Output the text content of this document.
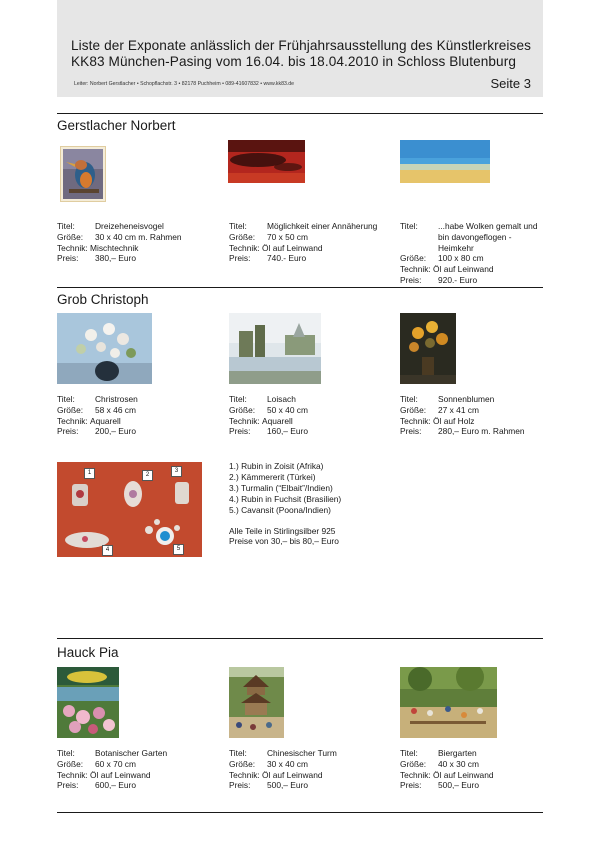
Liste der Exponate anlässlich der Frühjahrsausstellung des Künstlerkreises
KK83 München-Pasing vom 16.04. bis 18.04.2010 in Schloss Blutenburg
Leiter: Norbert Gerstlacher • Schopflachstr. 3 • 82178 Puchheim • 089-41607832 • www.kk83.de	Seite 3
Gerstlacher Norbert
Titel:	Dreizeheneisvogel
Größe:	30 x 40 cm m. Rahmen
Technik: Mischtechnik
Preis:	380,– Euro
Titel:	Möglichkeit einer Annäherung
Größe:	70 x 50 cm
Technik: Öl auf Leinwand
Preis:	740.- Euro
Titel:	...habe Wolken gemalt und bin davongeflogen - Heimkehr
Größe:	100 x 80 cm
Technik: Öl auf Leinwand
Preis:	920.- Euro
Grob Christoph
Titel:	Christrosen
Größe:	58 x 46 cm
Technik: Aquarell
Preis:	200,– Euro
Titel:	Loisach
Größe:	50 x 40 cm
Technik: Aquarell
Preis:	160,– Euro
Titel:	Sonnenblumen
Größe:	27 x 41 cm
Technik: Öl auf Holz
Preis:	280,– Euro m. Rahmen
1	2
3
4	5
1.) Rubin in Zoisit (Afrika)
2.) Kämmererit (Türkei)
3.) Turmalin (“Elbait”/Indien)
4.) Rubin in Fuchsit (Brasilien)
5.) Cavansit (Poona/Indien)
Alle Teile in Stirlingsilber 925
Preise von 30,– bis 80,– Euro
Hauck Pia
Titel:	Botanischer Garten
Größe:	60 x 70 cm
Technik: Öl auf Leinwand
Preis:	600,– Euro
Titel:	Chinesischer Turm
Größe:	30 x 40 cm
Technik: Öl auf Leinwand
Preis:	500,– Euro
Titel:	Biergarten
Größe:	40 x 30 cm
Technik: Öl auf Leinwand
Preis:	500,– Euro
